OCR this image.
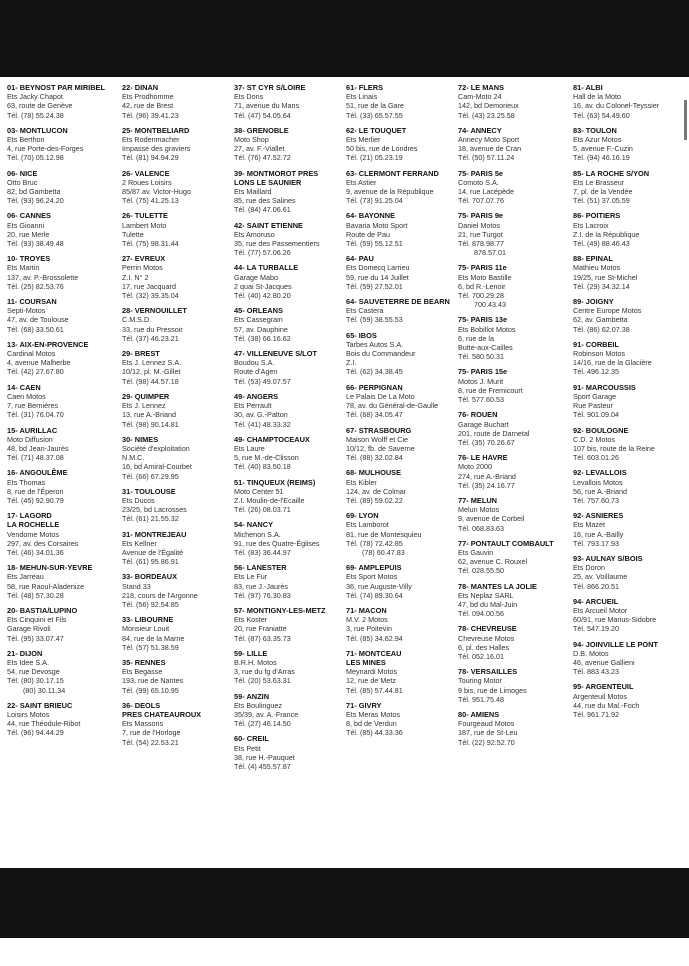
01- BEYNOST PAR MIRIBEL
Ets Jacky Chapot
63, route de Genève
Tél. (78) 55.24.38
03- MONTLUCON
Ets Berthon
4, rue Porte-des-Forges
Tél. (70) 05.12.98
06- NICE
Otto Bruc
82, bd Gambetta
Tél. (93) 96.24.20
06- CANNES
Ets Gioanni
20, rue Merle
Tél. (93) 38.49.48
10- TROYES
Ets Martin
137, av. P.-Brossolette
Tél. (25) 82.53.76
11- COURSAN
Septi-Motos
47, av. de Toulouse
Tél. (68) 33.50.61
13- AIX-EN-PROVENCE
Cardinal Motos
4, avenue Malherbe
Tél. (42) 27.67.80
14- CAEN
Caen Motos
7, rue Bernières
Tél. (31) 76.04.70
15- AURILLAC
Moto Diffusion
48, bd Jean-Jaurès
Tél. (71) 48.37.08
16- ANGOULÊME
Ets Thomas
8, rue de l'Éperon
Tél. (45) 92.90.79
17- LAGORD
LA ROCHELLE
Vendome Motos
297, av. des Corsaires
Tél. (46) 34.01.36
18- MEHUN-SUR-YEVRE
Ets Jarreau
58, rue Raoul-Aladenize
Tél. (48) 57.30.28
20- BASTIA/LUPINO
Ets Cinquini et Fils
Garage Rivoli
Tél. (95) 33.07.47
21- DIJON
Ets Idee S.A.
54, rue Devosge
Tél. (80) 30.17.15
(80) 30.11.34
22- SAINT BRIEUC
Loisirs Motos
44, rue Théodule-Ribot
Tél. (96) 94.44.29
22- DINAN
Ets Prodhomme
42, rue de Brest
Tél. (96) 39.41.23
25- MONTBELIARD
Ets Rodenmacher
Impasse des graviers
Tél. (81) 94.94.29
26- VALENCE
2 Roues Loisirs
85/87 av. Victor-Hugo
Tél. (75) 41.25.13
26- TULETTE
Lambert Moto
Tulette
Tél. (75) 98.31.44
27- EVREUX
Perrin Motos
Z.I. N° 2
17, rue Jacquard
Tél. (32) 39.35.04
28- VERNOUILLET
C.M.S.D.
33, rue du Pressoir
Tél. (37) 46.23.21
29- BREST
Ets J. Lennez S.A.
10/12, pl. M.-Gillet
Tél. (98) 44.57.18
29- QUIMPER
Ets J. Lennez
13, rue A.-Briand
Tél. (98) 90.14.81
30- NIMES
Société d'exploitation
N.M.C.
16, bd Amiral-Courbet
Tél. (66) 67.29.95
31- TOULOUSE
Ets Ducos
23/25, bd Lacrosses
Tél. (61) 21.55.32
31- MONTREJEAU
Ets Kellner
Avenue de l'Égalité
Tél. (61) 95.86.91
33- BORDEAUX
Stand 33
218, cours de l'Argonne
Tél. (56) 92.54.85
33- LIBOURNE
Monsieur Louit
84, rue de la Marne
Tél. (57) 51.38.59
35- RENNES
Ets Begasse
193, rue de Nantes
Tél. (99) 65.10.95
36- DEOLS
PRES CHATEAUROUX
Ets Massons
7, rue de l'Horloge
Tél. (54) 22.53.21
37- ST CYR S/LOIRE
Ets Dons
71, avenue du Mans
Tél. (47) 54.05.64
38- GRENOBLE
Moto Shop
27, av. F.-Viallet
Tél. (76) 47.52.72
39- MONTMOROT PRES
LONS LE SAUNIER
Ets Maillard
85, rue des Salines
Tél. (84) 47.06.61
42- SAINT ETIENNE
Ets Amoruso
35, rue des Passementiers
Tél. (77) 57.06.26
44- LA TURBALLE
Garage Mabo
2 quai St-Jacques
Tél. (40) 42.80.20
45- ORLEANS
Ets Cassegrain
57, av. Dauphine
Tél. (38) 66.16.62
47- VILLENEUVE S/LOT
Boudou S.A.
Route d'Agen
Tél. (53) 49.07.57
49- ANGERS
Ets Perrault
30, av. G.-Patton
Tél. (41) 48.33.32
49- CHAMPTOCEAUX
Ets Laure
5, rue M.-de-Clisson
Tél. (40) 83.50.18
51- TINQUEUX (REIMS)
Moto Center 51
Z.I. Moulin-de-l'Ecaille
Tél. (26) 08.03.71
54- NANCY
Michenon S.A.
91, rue des Quatre-Églises
Tél. (83) 36.44.97
56- LANESTER
Ets Le Fur
83, rue J.-Jaurès
Tél. (97) 76.30.83
57- MONTIGNY-LES-METZ
Ets Koster
20, rue Franiatte
Tél. (87) 63.35.73
59- LILLE
B.R.H. Motos
3, rue du fg d'Arras
Tél. (20) 53.63.31
59- ANZIN
Ets Boulinguez
35/39, av. A.-France
Tél. (27) 46.14.50
60- CREIL
Ets Petit
38, rue H.-Pauquet
Tél. (4) 455.57.87
61- FLERS
Ets Linais
51, rue de la Gare
Tél. (33) 65.57.55
62- LE TOUQUET
Ets Merlier
50 bis, rue de Londres
Tél. (21) 05.23.19
63- CLERMONT FERRAND
Ets Astier
9, avenue de la République
Tél. (73) 91.25.04
64- BAYONNE
Bavaria Moto Sport
Route de Pau
Tél. (59) 55.12.51
64- PAU
Ets Domecq Larrieu
59, rue du 14 Juillet
Tél. (59) 27.52.01
64- SAUVETERRE DE BEARN
Ets Castera
Tél. (59) 38.55.53
65- IBOS
Tarbes Autos S.A.
Bois du Commandeur
Z.I.
Tél. (62) 34.38.45
66- PERPIGNAN
Le Palais De La Moto
78, av. du Général-de-Gaulle
Tél. (68) 34.05.47
67- STRASBOURG
Maison Wolff et Cie
10/12, fb. de Saverne
Tél. (88) 32.02.84
68- MULHOUSE
Ets Kibler
124, av. de Colmar
Tél. (89) 59.02.22
69- LYON
Ets Lamborot
81, rue de Montesquieu
Tél. (78) 72.42.85
(78) 60.47.83
69- AMPLEPUIS
Ets Sport Motos
36, rue Auguste-Villy
Tél. (74) 89.30.64
71- MACON
M.V. 2 Motos
3, rue Poitevin
Tél. (85) 34.62.94
71- MONTCEAU
LES MINES
Meynardi Motos
12, rue de Metz
Tél. (85) 57.44.81
71- GIVRY
Ets Meras Motos
8, bd de Verdun
Tél. (85) 44.33.36
72- LE MANS
Cam-Moto 24
142, bd Demorieux
Tél. (43) 23.25.58
74- ANNECY
Annecy Moto Sport
18, avenue de Cran
Tél. (50) 57.11.24
75- PARIS 5e
Comoto S.A.
14, rue Lacépède
Tél. 707.07.76
75- PARIS 9e
Daniel Motos
21, rue Turgot
Tél. 878.98.77
878.57.01
75- PARIS 11e
Ets Moto Bastille
6, bd R.-Lenoir
Tél. 700.29.28
700.43.43
75- PARIS 13e
Ets Bobillot Motos
6, rue de la
Butte-aux-Cailles
Tél. 580.50.31
75- PARIS 15e
Motos J. Murit
8, rue de Fremicourt
Tél. 577.60.53
76- ROUEN
Garage Buchart
201, route de Darnetal
Tél. (35) 70.26.67
76- LE HAVRE
Moto 2000
274, rue A.-Briand
Tél. (35) 24.16.77
77- MELUN
Melun Motos
9, avenue de Corbeil
Tél. 068.83.63
77- PONTAULT COMBAULT
Ets Gauvin
62, avenue C. Rouxel
Tél. 028.55.50
78- MANTES LA JOLIE
Ets Neplaz SARL
47, bd du Mal-Juin
Tél. 094.00.56
78- CHEVREUSE
Chevreuse Motos
6, pl. des Halles
Tél. 052.16.01
78- VERSAILLES
Touring Motor
9 bis, rue de Limoges
Tél. 951.75.48
80- AMIENS
Fourgeaud Motos
187, rue de St-Leu
Tél. (22) 92.52.70
81- ALBI
Hall de la Moto
16, av. du Colonel-Teyssier
Tél. (63) 54.49.60
83- TOULON
Ets Azur Motos
5, avenue F.-Cuzin
Tél. (94) 46.16.19
85- LA ROCHE S/YON
Ets Le Brasseur
7, pl. de la Vendée
Tél. (51) 37.05.59
86- POITIERS
Ets Lacroix
Z.I. de la République
Tél. (49) 88.46.43
88- EPINAL
Mathieu Motos
19/25, rue St-Michel
Tél. (29) 34.32.14
89- JOIGNY
Centre Europe Motos
62, av. Gambetta
Tél. (86) 62.07.38
91- CORBEIL
Robinson Motos
14/16, rue de la Glacière
Tél. 496.12.35
91- MARCOUSSIS
Sport Garage
Rue Pasteur
Tél. 901.09.04
92- BOULOGNE
C.D. 2 Motos
107 bis, route de la Reine
Tél. 603.01.26
92- LEVALLOIS
Levallois Motos
56, rue A.-Briand
Tél. 757.60.73
92- ASNIERES
Ets Mazet
16, rue A.-Bailly
Tél. 793.17.93
93- AULNAY S/BOIS
Ets Doron
25, av. Voillaume
Tél. 866.20.51
94- ARCUEIL
Ets Arcueil Motor
60/91, rue Marius-Sidobre
Tél. 547.19.20
94- JOINVILLE LE PONT
D.B. Motos
46, avenue Gallieni
Tél. 883.43.23
95- ARGENTEUIL
Argenteuil Motos
44, rue du Mal.-Foch
Tél. 961.71.92
